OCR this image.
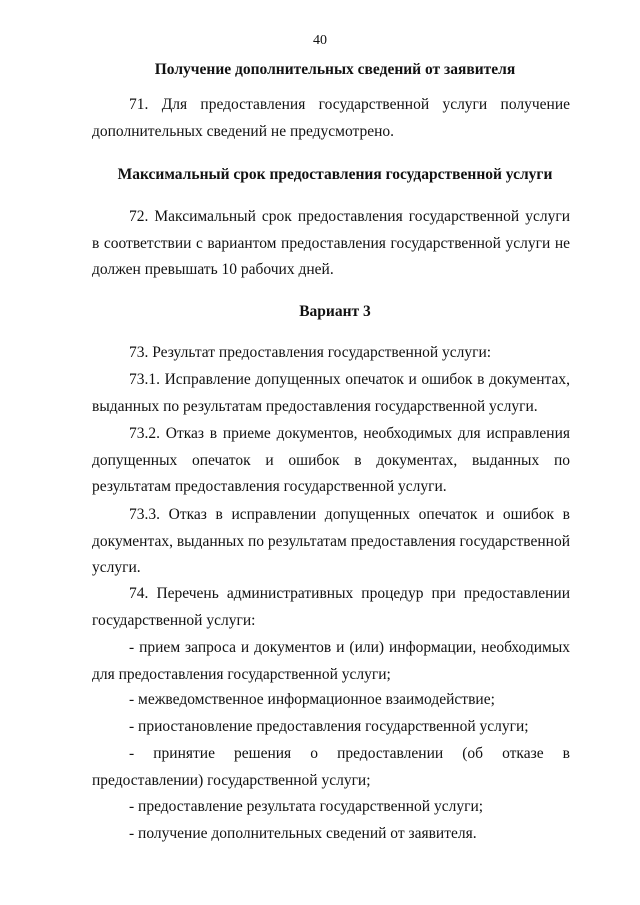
40
Получение дополнительных сведений от заявителя

71. Для предоставления государственной услуги получение дополнительных сведений не предусмотрено.

Максимальный срок предоставления государственной услуги

72. Максимальный срок предоставления государственной услуги в соответствии с вариантом предоставления государственной услуги не должен превышать 10 рабочих дней.

Вариант 3

73. Результат предоставления государственной услуги:

73.1. Исправление допущенных опечаток и ошибок в документах, выданных по результатам предоставления государственной услуги.

73.2. Отказ в приеме документов, необходимых для исправления допущенных опечаток и ошибок в документах, выданных по результатам предоставления государственной услуги.

73.3. Отказ в исправлении допущенных опечаток и ошибок в документах, выданных по результатам предоставления государственной услуги.

74. Перечень административных процедур при предоставлении государственной услуги:

- прием запроса и документов и (или) информации, необходимых для предоставления государственной услуги;

- межведомственное информационное взаимодействие;

- приостановление предоставления государственной услуги;

- принятие решения о предоставлении (об отказе в предоставлении) государственной услуги;

- предоставление результата государственной услуги;

- получение дополнительных сведений от заявителя.
